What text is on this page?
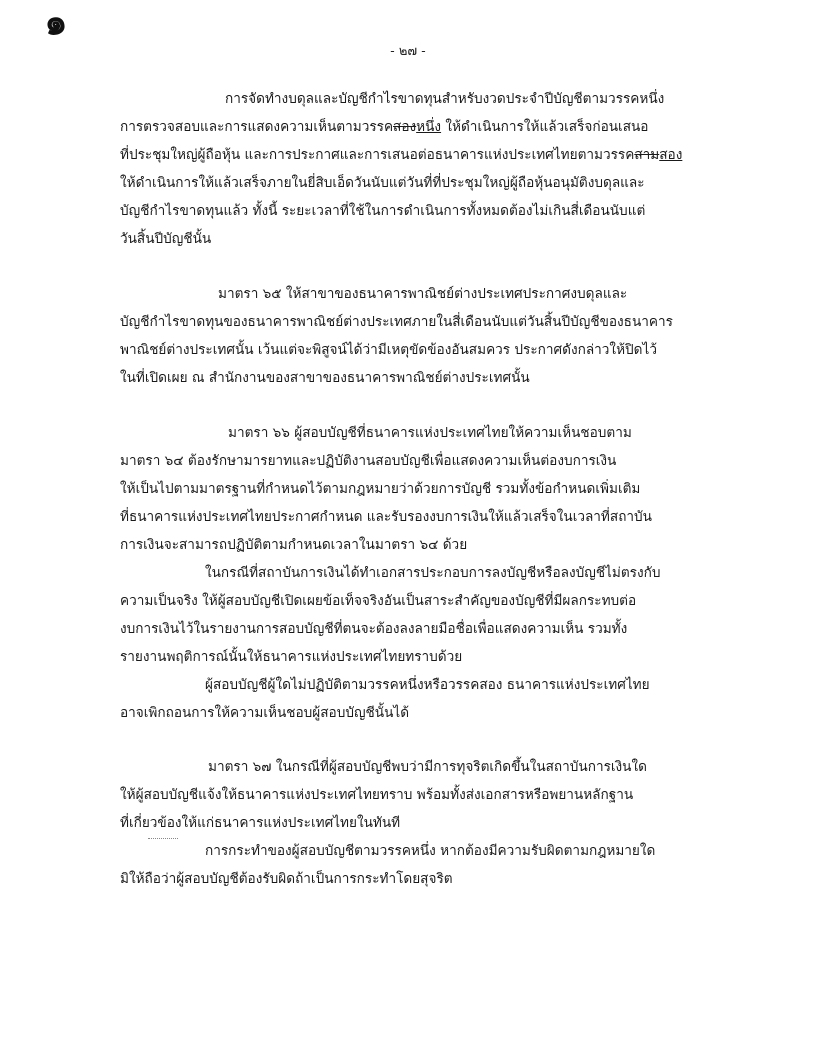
๑
- ๒๗ -
การจัดทำงบดุลและบัญชีกำไรขาดทุนสำหรับงวดประจำปีบัญชีตามวรรคหนึ่ง
การตรวจสอบและการแสดงความเห็นตามวรรคสองหนึ่ง ให้ดำเนินการให้แล้วเสร็จก่อนเสนอ
ที่ประชุมใหญ่ผู้ถือหุ้น และการประกาศและการเสนอต่อธนาคารแห่งประเทศไทยตามวรรคสามสอง
ให้ดำเนินการให้แล้วเสร็จภายในยี่สิบเอ็ดวันนับแต่วันที่ที่ประชุมใหญ่ผู้ถือหุ้นอนุมัติงบดุลและ
บัญชีกำไรขาดทุนแล้ว ทั้งนี้ ระยะเวลาที่ใช้ในการดำเนินการทั้งหมดต้องไม่เกินสี่เดือนนับแต่
วันสิ้นปีบัญชีนั้น
มาตรา ๖๕ ให้สาขาของธนาคารพาณิชย์ต่างประเทศประกาศงบดุลและ
บัญชีกำไรขาดทุนของธนาคารพาณิชย์ต่างประเทศภายในสี่เดือนนับแต่วันสิ้นปีบัญชีของธนาคาร
พาณิชย์ต่างประเทศนั้น เว้นแต่จะพิสูจน์ได้ว่ามีเหตุขัดข้องอันสมควร ประกาศดังกล่าวให้ปิดไว้
ในที่เปิดเผย ณ สำนักงานของสาขาของธนาคารพาณิชย์ต่างประเทศนั้น
มาตรา ๖๖ ผู้สอบบัญชีที่ธนาคารแห่งประเทศไทยให้ความเห็นชอบตาม
มาตรา ๖๔ ต้องรักษามารยาทและปฏิบัติงานสอบบัญชีเพื่อแสดงความเห็นต่องบการเงิน
ให้เป็นไปตามมาตรฐานที่กำหนดไว้ตามกฎหมายว่าด้วยการบัญชี รวมทั้งข้อกำหนดเพิ่มเติม
ที่ธนาคารแห่งประเทศไทยประกาศกำหนด และรับรองงบการเงินให้แล้วเสร็จในเวลาที่สถาบัน
การเงินจะสามารถปฏิบัติตามกำหนดเวลาในมาตรา ๖๔ ด้วย
ในกรณีที่สถาบันการเงินได้ทำเอกสารประกอบการลงบัญชีหรือลงบัญชีไม่ตรงกับ
ความเป็นจริง ให้ผู้สอบบัญชีเปิดเผยข้อเท็จจริงอันเป็นสาระสำคัญของบัญชีที่มีผลกระทบต่อ
งบการเงินไว้ในรายงานการสอบบัญชีที่ตนจะต้องลงลายมือชื่อเพื่อแสดงความเห็น รวมทั้ง
รายงานพฤติการณ์นั้นให้ธนาคารแห่งประเทศไทยทราบด้วย
ผู้สอบบัญชีผู้ใดไม่ปฏิบัติตามวรรคหนึ่งหรือวรรคสอง ธนาคารแห่งประเทศไทย
อาจเพิกถอนการให้ความเห็นชอบผู้สอบบัญชีนั้นได้
มาตรา ๖๗ ในกรณีที่ผู้สอบบัญชีพบว่ามีการทุจริตเกิดขึ้นในสถาบันการเงินใด
ให้ผู้สอบบัญชีแจ้งให้ธนาคารแห่งประเทศไทยทราบ พร้อมทั้งส่งเอกสารหรือพยานหลักฐาน
ที่เกี่ยวข้องให้แก่ธนาคารแห่งประเทศไทยในทันที
การกระทำของผู้สอบบัญชีตามวรรคหนึ่ง หากต้องมีความรับผิดตามกฎหมายใด
มิให้ถือว่าผู้สอบบัญชีต้องรับผิดถ้าเป็นการกระทำโดยสุจริต
